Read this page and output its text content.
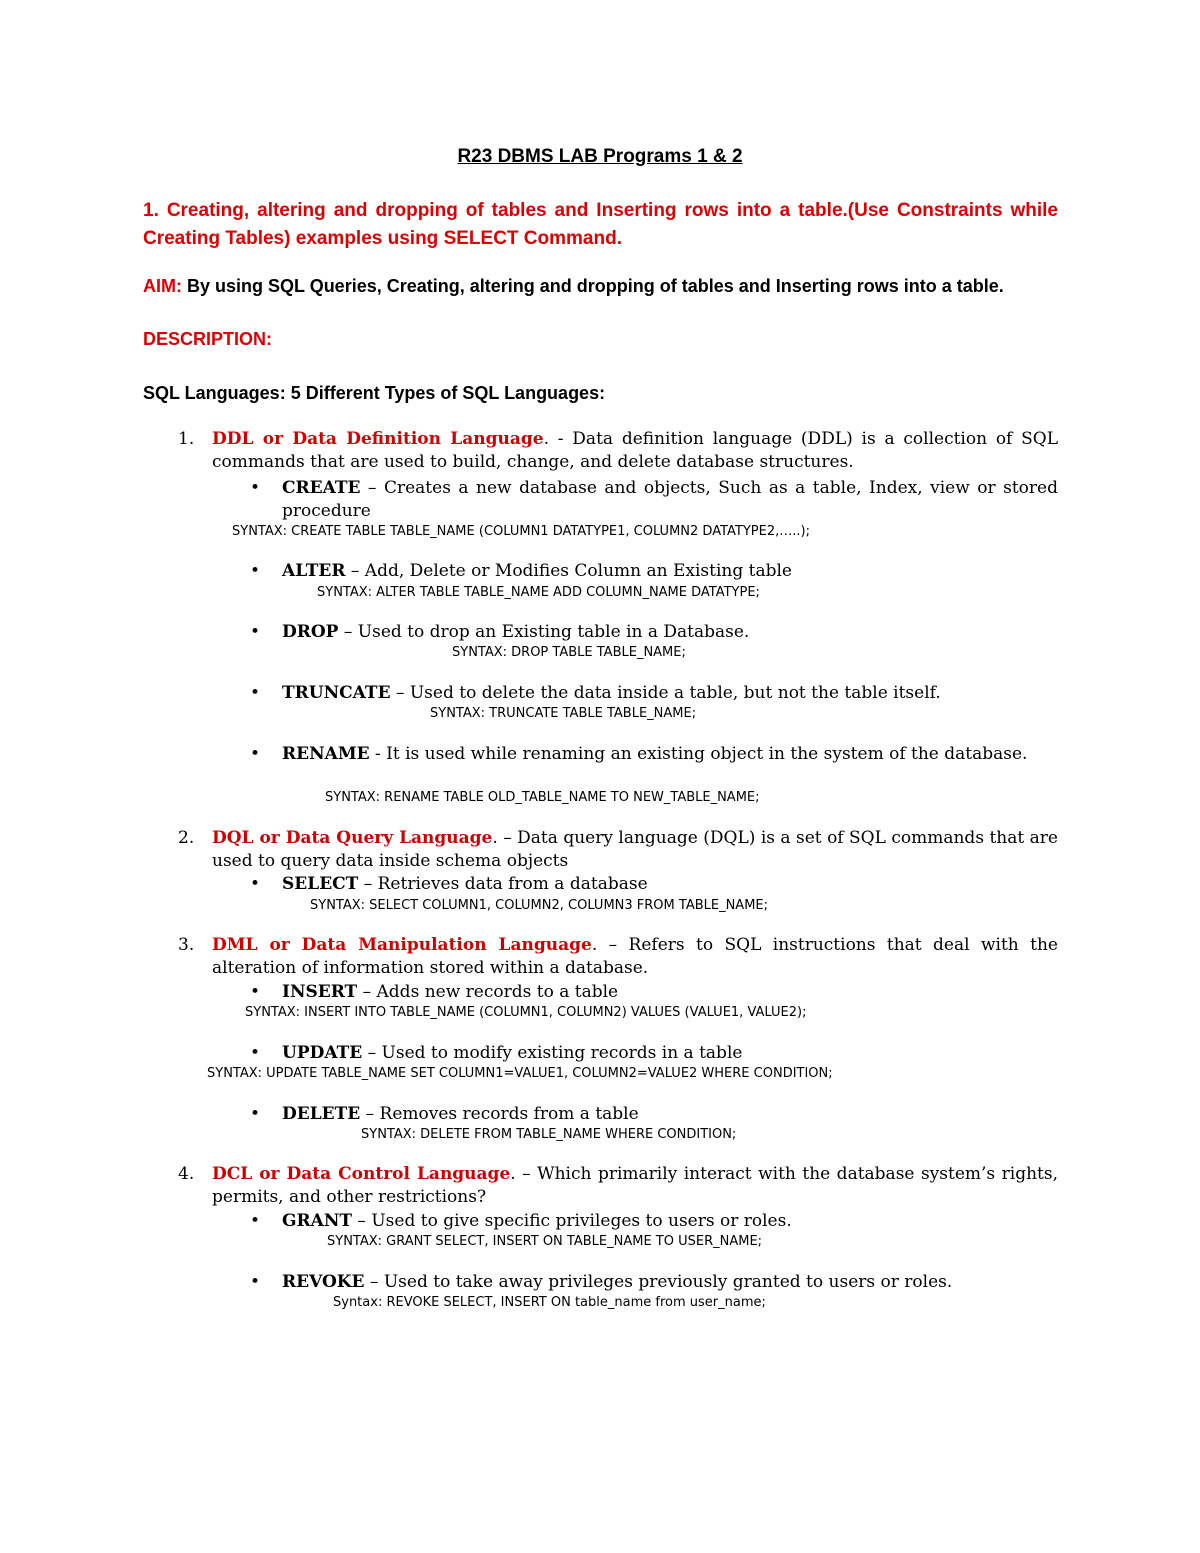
R23 DBMS LAB Programs 1 & 2
1. Creating, altering and dropping of tables and Inserting rows into a table.(Use Constraints while Creating Tables) examples using SELECT Command.
AIM: By using SQL Queries, Creating, altering and dropping of tables and Inserting rows into a table.
DESCRIPTION:
SQL Languages: 5 Different Types of SQL Languages:
1. DDL or Data Definition Language. - Data definition language (DDL) is a collection of SQL commands that are used to build, change, and delete database structures.
• CREATE – Creates a new database and objects, Such as a table, Index, view or stored procedure
SYNTAX: CREATE TABLE TABLE_NAME (COLUMN1 DATATYPE1, COLUMN2 DATATYPE2,…..);
• ALTER – Add, Delete or Modifies Column an Existing table
SYNTAX: ALTER TABLE TABLE_NAME ADD COLUMN_NAME DATATYPE;
• DROP – Used to drop an Existing table in a Database.
SYNTAX: DROP TABLE TABLE_NAME;
• TRUNCATE – Used to delete the data inside a table, but not the table itself.
SYNTAX: TRUNCATE TABLE TABLE_NAME;
• RENAME - It is used while renaming an existing object in the system of the database.
SYNTAX: RENAME TABLE OLD_TABLE_NAME TO NEW_TABLE_NAME;
2. DQL or Data Query Language. – Data query language (DQL) is a set of SQL commands that are used to query data inside schema objects
• SELECT – Retrieves data from a database
SYNTAX: SELECT COLUMN1, COLUMN2, COLUMN3 FROM TABLE_NAME;
3. DML or Data Manipulation Language. – Refers to SQL instructions that deal with the alteration of information stored within a database.
• INSERT – Adds new records to a table
SYNTAX: INSERT INTO TABLE_NAME (COLUMN1, COLUMN2) VALUES (VALUE1, VALUE2);
• UPDATE – Used to modify existing records in a table
SYNTAX: UPDATE TABLE_NAME SET COLUMN1=VALUE1, COLUMN2=VALUE2 WHERE CONDITION;
• DELETE – Removes records from a table
SYNTAX: DELETE FROM TABLE_NAME WHERE CONDITION;
4. DCL or Data Control Language. – Which primarily interact with the database system’s rights, permits, and other restrictions?
• GRANT – Used to give specific privileges to users or roles.
SYNTAX: GRANT SELECT, INSERT ON TABLE_NAME TO USER_NAME;
• REVOKE – Used to take away privileges previously granted to users or roles.
Syntax: REVOKE SELECT, INSERT ON table_name from user_name;
